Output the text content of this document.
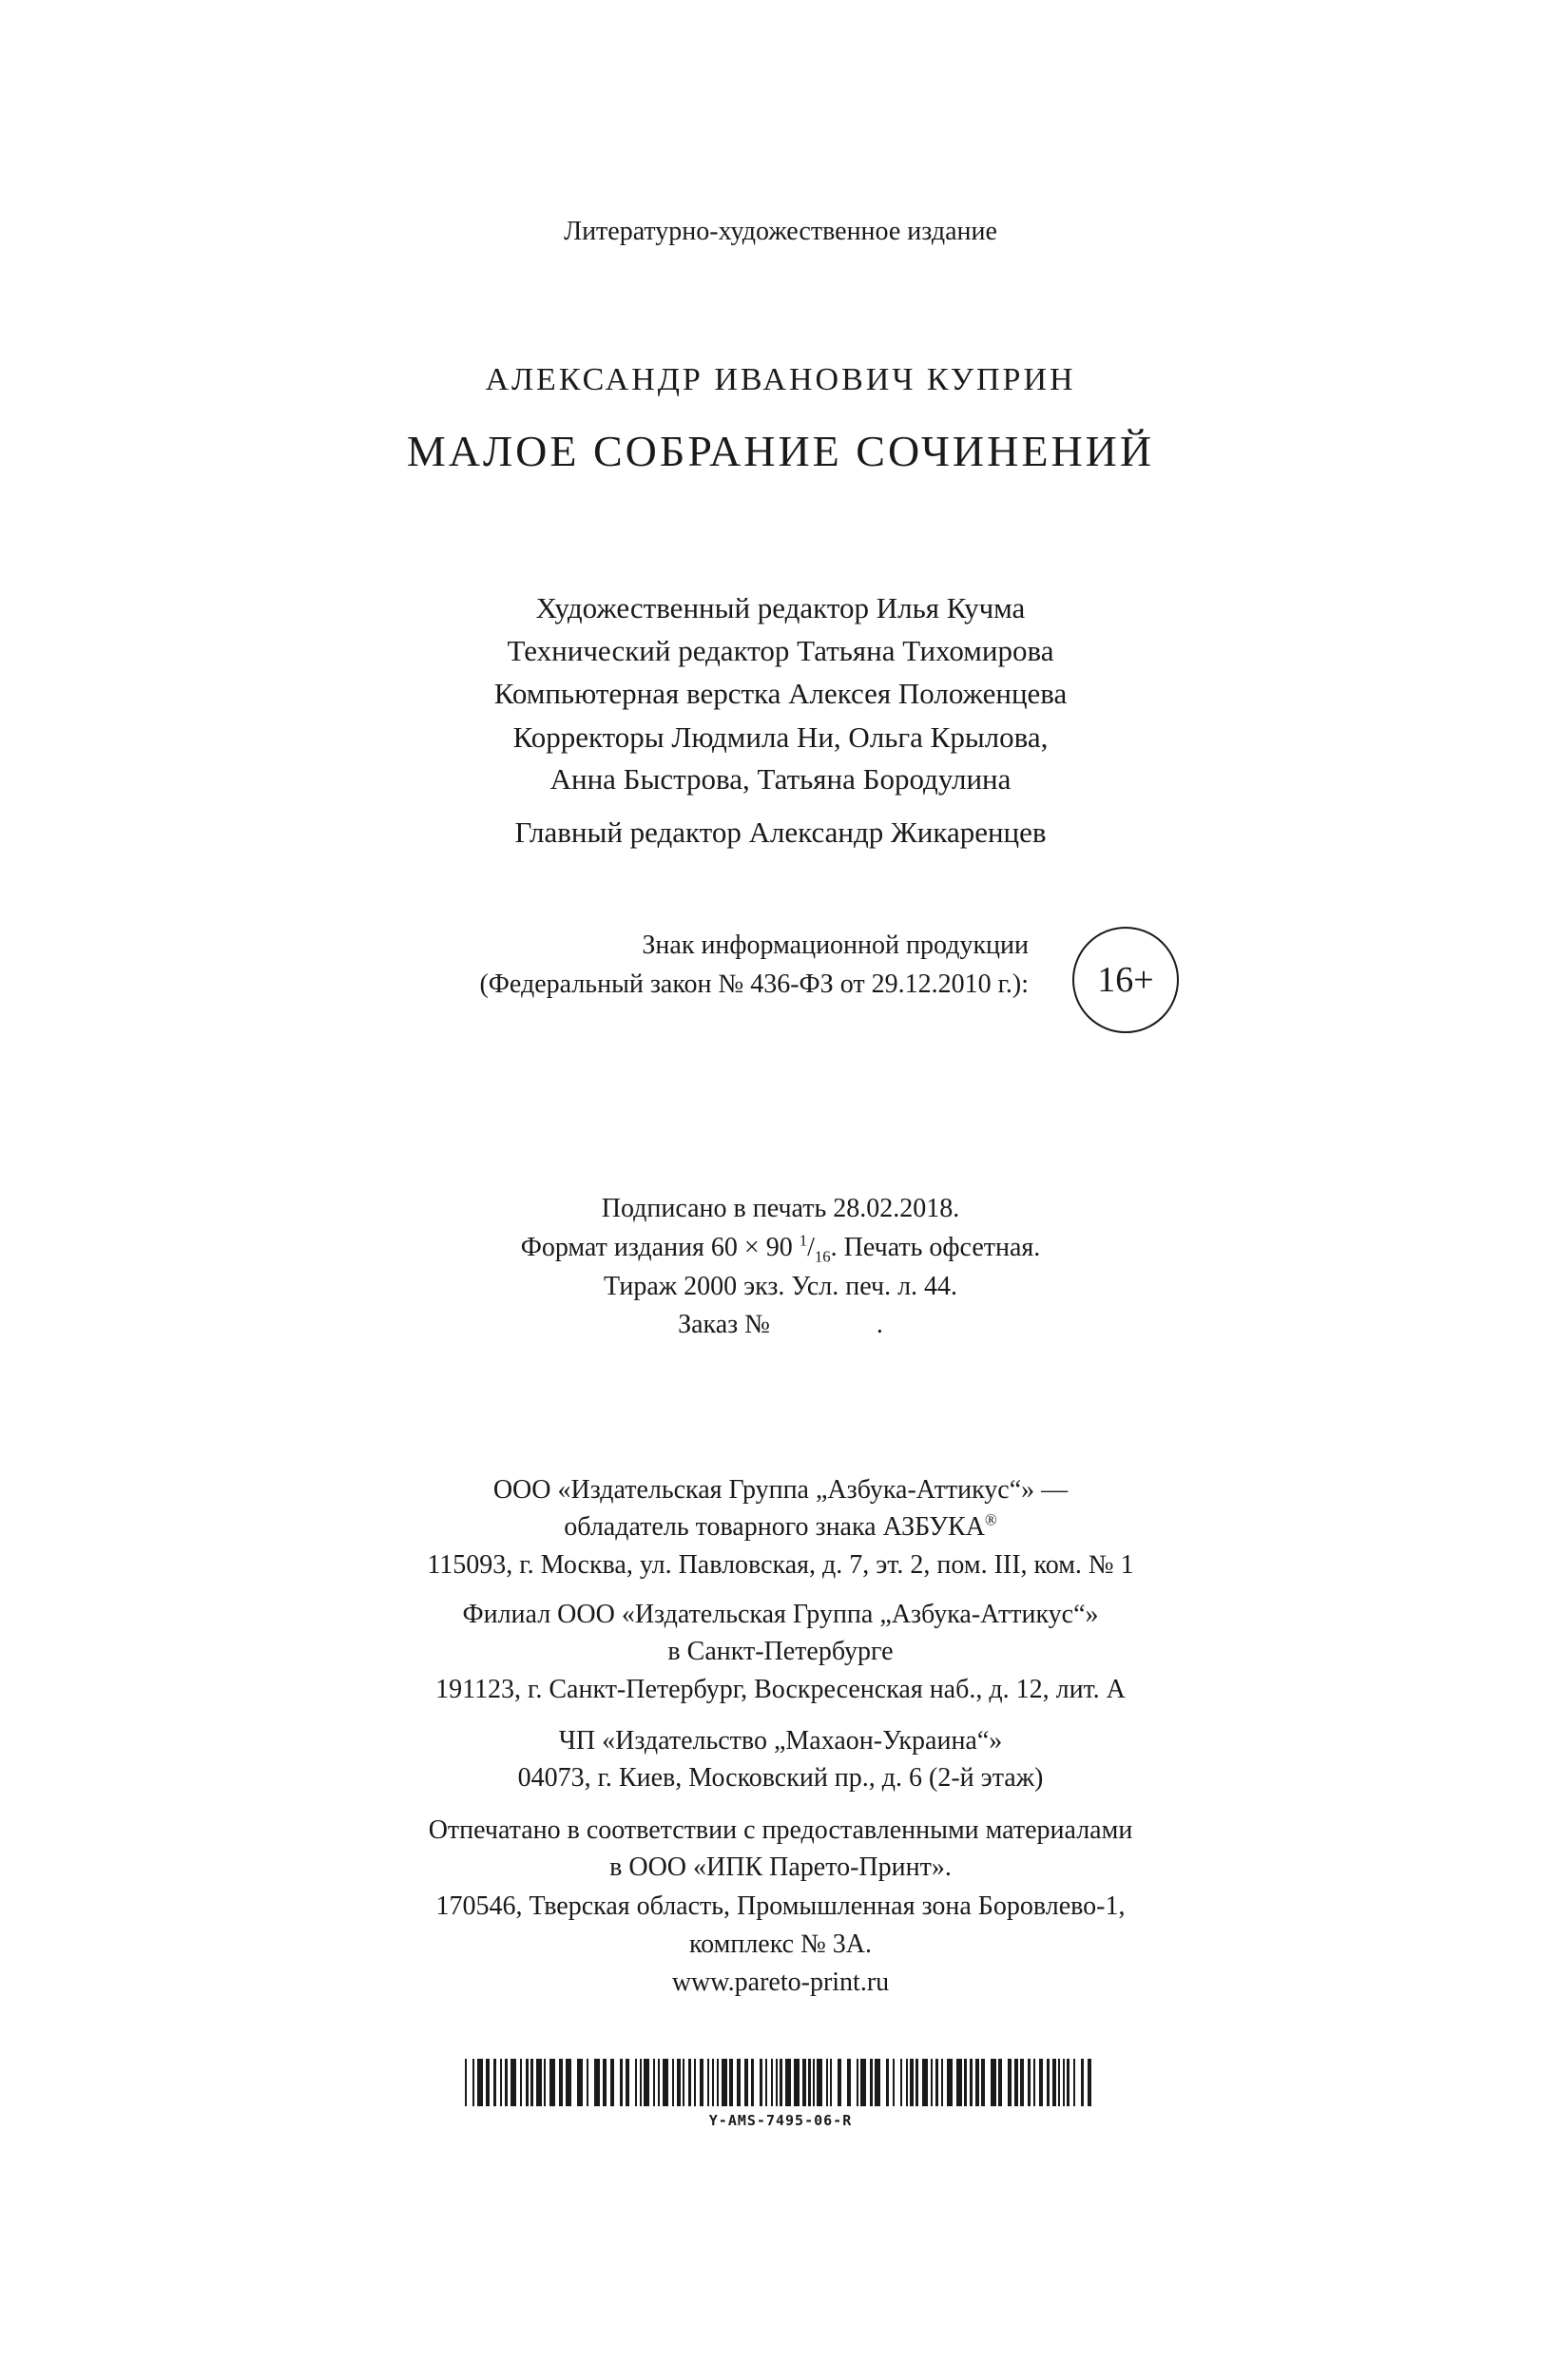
Литературно-художественное издание
АЛЕКСАНДР ИВАНОВИЧ КУПРИН
МАЛОЕ СОБРАНИЕ СОЧИНЕНИЙ
Художественный редактор Илья Кучма
Технический редактор Татьяна Тихомирова
Компьютерная верстка Алексея Положенцева
Корректоры Людмила Ни, Ольга Крылова,
Анна Быстрова, Татьяна Бородулина
Главный редактор Александр Жикаренцев
Знак информационной продукции
(Федеральный закон № 436-ФЗ от 29.12.2010 г.): 16+
Подписано в печать 28.02.2018.
Формат издания 60 × 90 $^1/_{16}$. Печать офсетная.
Тираж 2000 экз. Усл. печ. л. 44.
Заказ №                .
ООО «Издательская Группа „Азбука-Аттикус“» —
обладатель товарного знака АЗБУКА®
115093, г. Москва, ул. Павловская, д. 7, эт. 2, пом. III, ком. № 1
Филиал ООО «Издательская Группа „Азбука-Аттикус“»
в Санкт-Петербурге
191123, г. Санкт-Петербург, Воскресенская наб., д. 12, лит. А
ЧП «Издательство „Махаон-Украина“»
04073, г. Киев, Московский пр., д. 6 (2-й этаж)
Отпечатано в соответствии с предоставленными материалами
в ООО «ИПК Парето-Принт».
170546, Тверская область, Промышленная зона Боровлево-1,
комплекс № 3А.
www.pareto-print.ru
Y-AMS-7495-06-R
